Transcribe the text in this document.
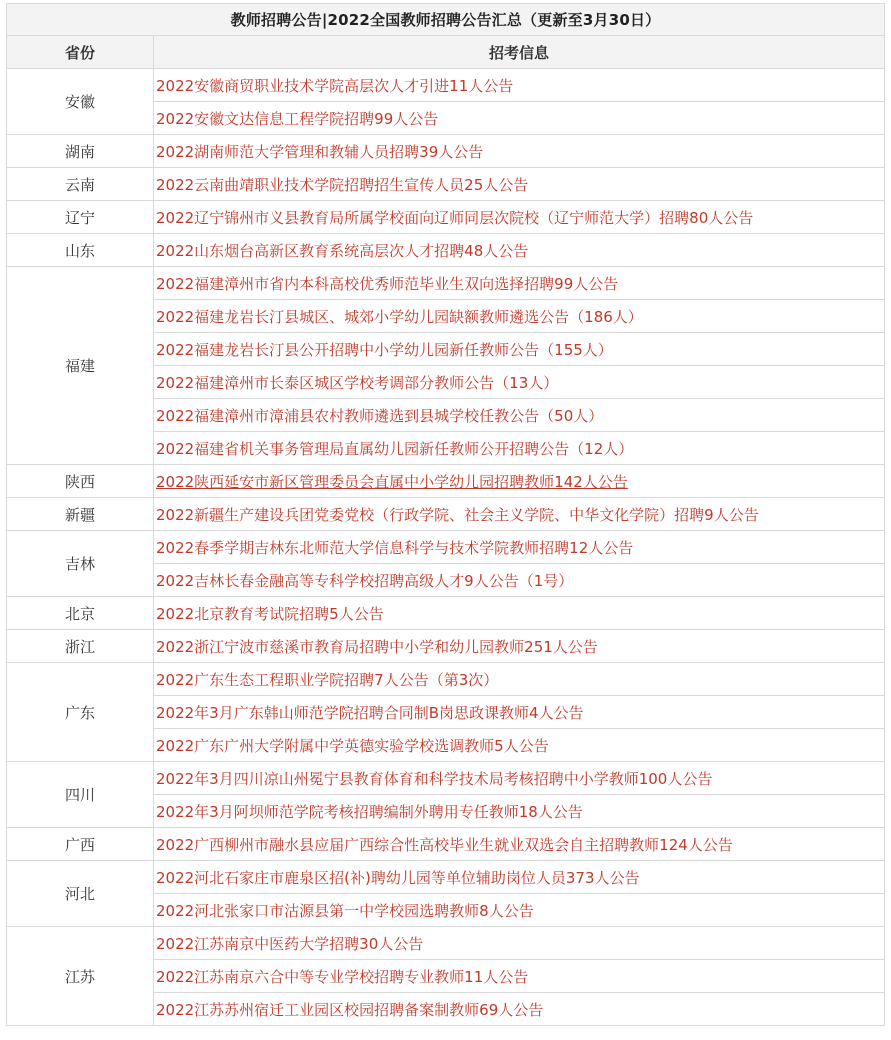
教师招聘公告|2022全国教师招聘公告汇总（更新至3月30日）	
省份	招考信息
安徽	2022安徽商贸职业技术学院高层次人才引进11人公告
	2022安徽文达信息工程学院招聘99人公告
湖南	2022湖南师范大学管理和教辅人员招聘39人公告
云南	2022云南曲靖职业技术学院招聘招生宣传人员25人公告
辽宁	2022辽宁锦州市义县教育局所属学校面向辽师同层次院校（辽宁师范大学）招聘80人公告
山东	2022山东烟台高新区教育系统高层次人才招聘48人公告
福建	2022福建漳州市省内本科高校优秀师范毕业生双向选择招聘99人公告
	2022福建龙岩长汀县城区、城郊小学幼儿园缺额教师遴选公告（186人）
	2022福建龙岩长汀县公开招聘中小学幼儿园新任教师公告（155人）
	2022福建漳州市长泰区城区学校考调部分教师公告（13人）
	2022福建漳州市漳浦县农村教师遴选到县城学校任教公告（50人）
	2022福建省机关事务管理局直属幼儿园新任教师公开招聘公告（12人）
陕西	2022陕西延安市新区管理委员会直属中小学幼儿园招聘教师142人公告
新疆	2022新疆生产建设兵团党委党校（行政学院、社会主义学院、中华文化学院）招聘9人公告
吉林	2022春季学期吉林东北师范大学信息科学与技术学院教师招聘12人公告
	2022吉林长春金融高等专科学校招聘高级人才9人公告（1号）
北京	2022北京教育考试院招聘5人公告
浙江	2022浙江宁波市慈溪市教育局招聘中小学和幼儿园教师251人公告
广东	2022广东生态工程职业学院招聘7人公告（第3次）
	2022年3月广东韩山师范学院招聘合同制B岗思政课教师4人公告
	2022广东广州大学附属中学英德实验学校选调教师5人公告
四川	2022年3月四川凉山州冕宁县教育体育和科学技术局考核招聘中小学教师100人公告
	2022年3月阿坝师范学院考核招聘编制外聘用专任教师18人公告
广西	2022广西柳州市融水县应届广西综合性高校毕业生就业双选会自主招聘教师124人公告
河北	2022河北石家庄市鹿泉区招(补)聘幼儿园等单位辅助岗位人员373人公告
	2022河北张家口市沽源县第一中学校园选聘教师8人公告
江苏	2022江苏南京中医药大学招聘30人公告
	2022江苏南京六合中等专业学校招聘专业教师11人公告
	2022江苏苏州宿迁工业园区校园招聘备案制教师69人公告
